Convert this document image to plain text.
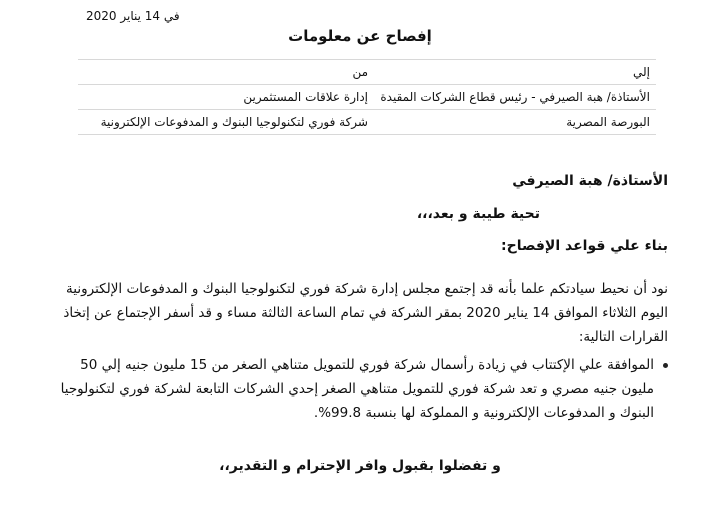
في 14 يناير 2020
إفصاح عن معلومات
إلي	من
الأستاذة/ هبة الصيرفي - رئيس قطاع الشركات المقيدة	إدارة علاقات المستثمرين
البورصة المصرية	شركة فوري لتكنولوجيا البنوك و المدفوعات الإلكترونية
الأستاذة/ هبة الصيرفي
تحية طيبة و بعد،،،
بناء علي قواعد الإفصاح:
نود أن نحيط سيادتكم علما بأنه قد إجتمع مجلس إدارة شركة فوري لتكنولوجيا البنوك و المدفوعات الإلكترونية اليوم الثلاثاء الموافق 14 يناير 2020 بمقر الشركة في تمام الساعة الثالثة مساء و قد أسفر الإجتماع عن إتخاذ القرارات التالية:
الموافقة علي الإكتتاب في زيادة رأسمال شركة فوري للتمويل متناهي الصغر من 15 مليون جنيه إلي 50 مليون جنيه مصري و تعد شركة فوري للتمويل متناهي الصغر إحدي الشركات التابعة لشركة فوري لتكنولوجيا البنوك و المدفوعات الإلكترونية و المملوكة لها بنسبة 99.8%.
و تفضلوا بقبول وافر الإحترام و التقدير،،
